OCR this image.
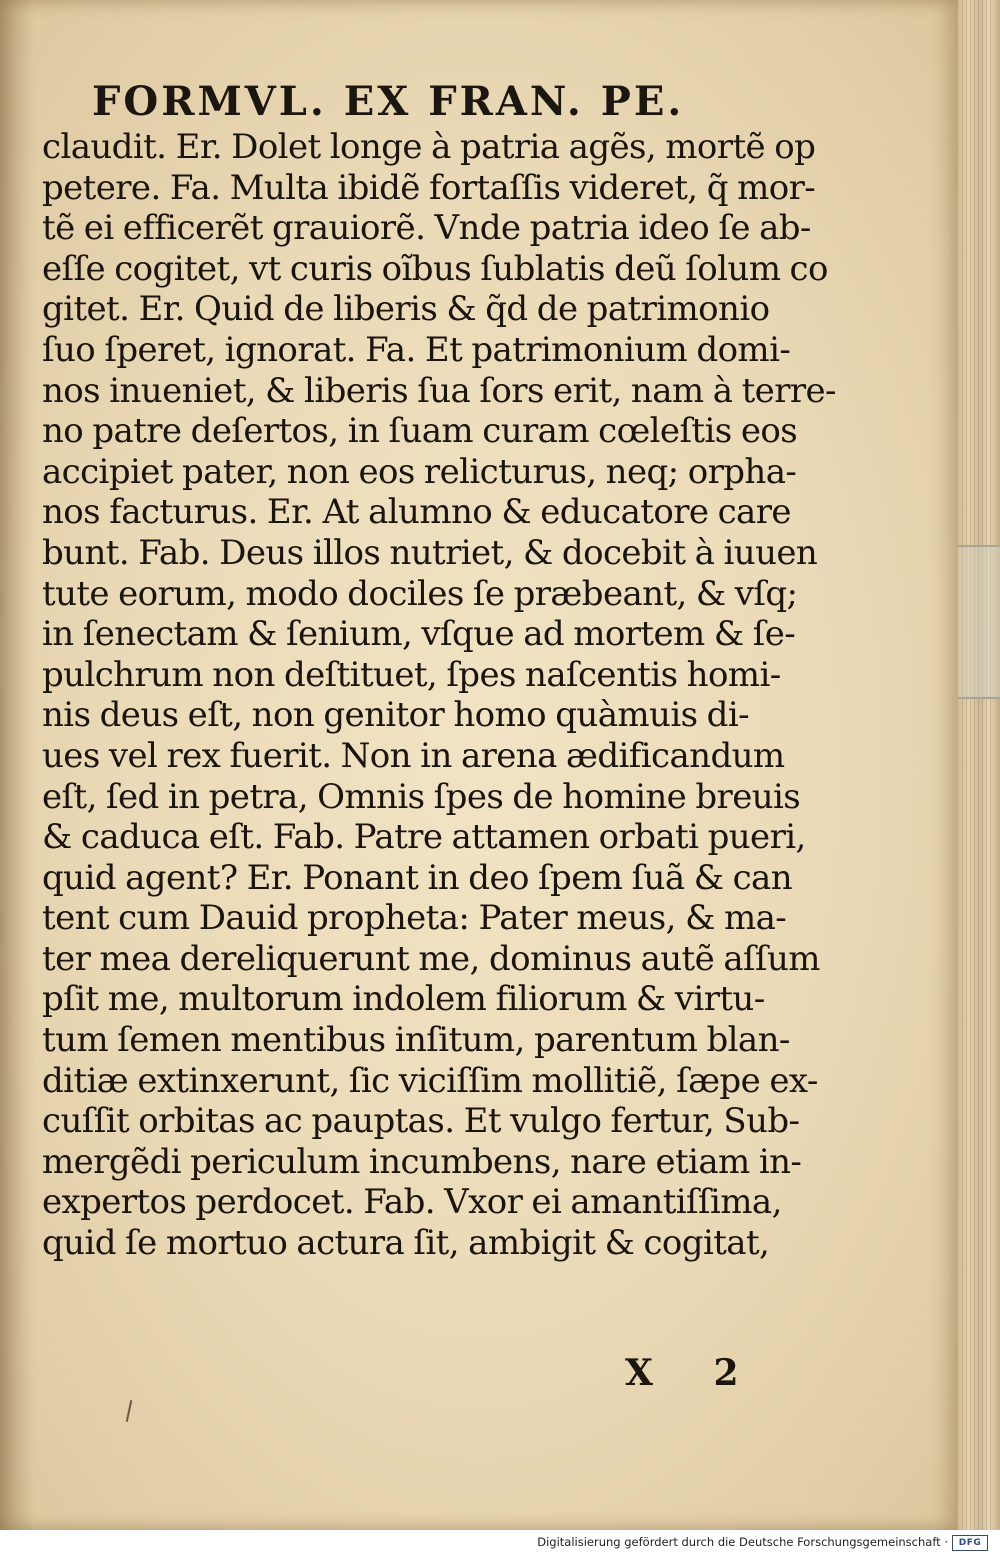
FORMVL. EX FRAN. PE.
claudit. Er. Dolet longe à patria agẽs, mortẽ op
petere. Fa. Multa ibidẽ fortaſſis videret, q̃ mor-
tẽ ei efficerẽt grauiorẽ. Vnde patria ideo ſe ab-
eſſe cogitet, vt curis oĩbus ſublatis deũ ſolum co
gitet. Er. Quid de liberis & q̃d de patrimonio
ſuo ſperet, ignorat. Fa. Et patrimonium domi-
nos inueniet, & liberis ſua ſors erit, nam à terre-
no patre deſertos, in ſuam curam cœleſtis eos
accipiet pater, non eos relicturus, neq; orpha-
nos facturus. Er. At alumno & educatore care
bunt. Fab. Deus illos nutriet, & docebit à iuuen
tute eorum, modo dociles ſe præbeant, & vſq;
in ſenectam & ſenium, vſque ad mortem & ſe-
pulchrum non deſtituet, ſpes naſcentis homi-
nis deus eſt, non genitor homo quàmuis di-
ues vel rex fuerit. Non in arena ædificandum
eſt, ſed in petra, Omnis ſpes de homine breuis
& caduca eſt. Fab. Patre attamen orbati pueri,
quid agent? Er. Ponant in deo ſpem ſuã & can
tent cum Dauid propheta: Pater meus, & ma-
ter mea dereliquerunt me, dominus autẽ aſſum
pſit me, multorum indolem filiorum & virtu-
tum ſemen mentibus inſitum, parentum blan-
ditiæ extinxerunt, ſic viciſſim mollitiẽ, ſæpe ex-
cuſſit orbitas ac pauptas. Et vulgo fertur, Sub-
mergẽdi periculum incumbens, nare etiam in-
expertos perdocet. Fab. Vxor ei amantiſſima,
quid ſe mortuo actura ſit, ambigit & cogitat,
X 2
Digitalisierung gefördert durch die Deutsche Forschungsgemeinschaft ·	DFG
